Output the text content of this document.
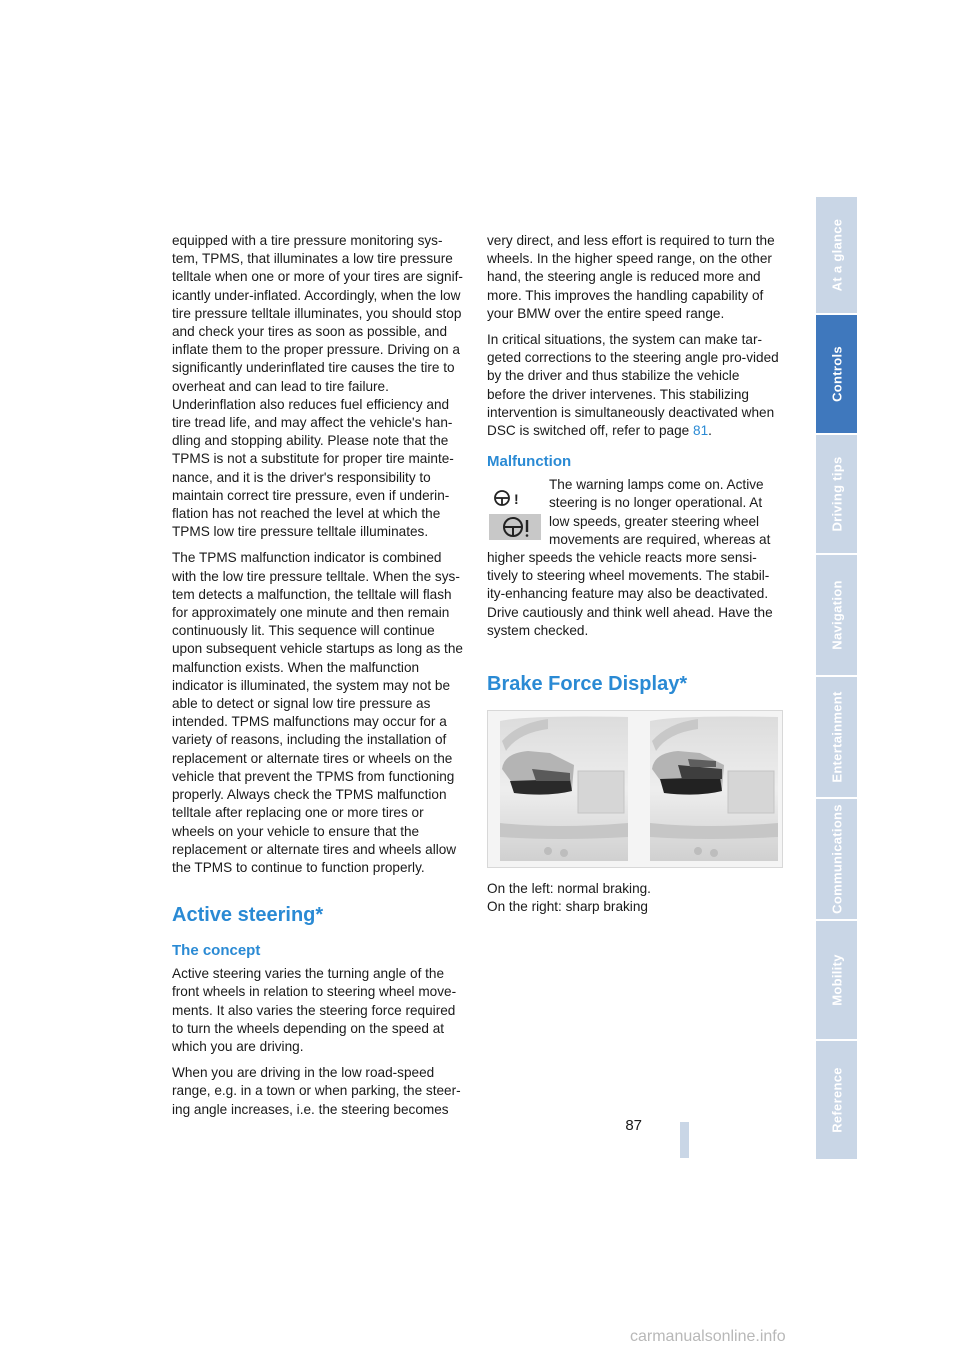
equipped with a tire pressure monitoring sys-tem, TPMS, that illuminates a low tire pressure telltale when one or more of your tires are signif-icantly under-inflated. Accordingly, when the low tire pressure telltale illuminates, you should stop and check your tires as soon as possible, and inflate them to the proper pressure. Driving on a significantly underinflated tire causes the tire to overheat and can lead to tire failure. Underinflation also reduces fuel efficiency and tire tread life, and may affect the vehicle's han-dling and stopping ability. Please note that the TPMS is not a substitute for proper tire mainte-nance, and it is the driver's responsibility to maintain correct tire pressure, even if underin-flation has not reached the level at which the TPMS low tire pressure telltale illuminates.

The TPMS malfunction indicator is combined with the low tire pressure telltale. When the sys-tem detects a malfunction, the telltale will flash for approximately one minute and then remain continuously lit. This sequence will continue upon subsequent vehicle startups as long as the malfunction exists. When the malfunction indicator is illuminated, the system may not be able to detect or signal low tire pressure as intended. TPMS malfunctions may occur for a variety of reasons, including the installation of replacement or alternate tires or wheels on the vehicle that prevent the TPMS from functioning properly. Always check the TPMS malfunction telltale after replacing one or more tires or wheels on your vehicle to ensure that the replacement or alternate tires and wheels allow the TPMS to continue to function properly.

Active steering*
The concept

Active steering varies the turning angle of the front wheels in relation to steering wheel move-ments. It also varies the steering force required to turn the wheels depending on the speed at which you are driving.

When you are driving in the low road-speed range, e.g. in a town or when parking, the steer-ing angle increases, i.e. the steering becomes

very direct, and less effort is required to turn the wheels. In the higher speed range, on the other hand, the steering angle is reduced more and more. This improves the handling capability of your BMW over the entire speed range.

In critical situations, the system can make tar-geted corrections to the steering angle pro-vided by the driver and thus stabilize the vehicle before the driver intervenes. This stabilizing intervention is simultaneously deactivated when DSC is switched off, refer to page 81.

Malfunction
!

The warning lamps come on. Active steering is no longer operational. At low speeds, greater steering wheel movements are required, whereas at higher speeds the vehicle reacts more sensi-tively to steering wheel movements. The stabil-ity-enhancing feature may also be deactivated. Drive cautiously and think well ahead. Have the system checked.

Brake Force Display*

On the left: normal braking.

On the right: sharp braking

At a glance
Controls
Driving tips
Navigation
Entertainment
Communications
Mobility
Reference
87
carmanualsonline.info
